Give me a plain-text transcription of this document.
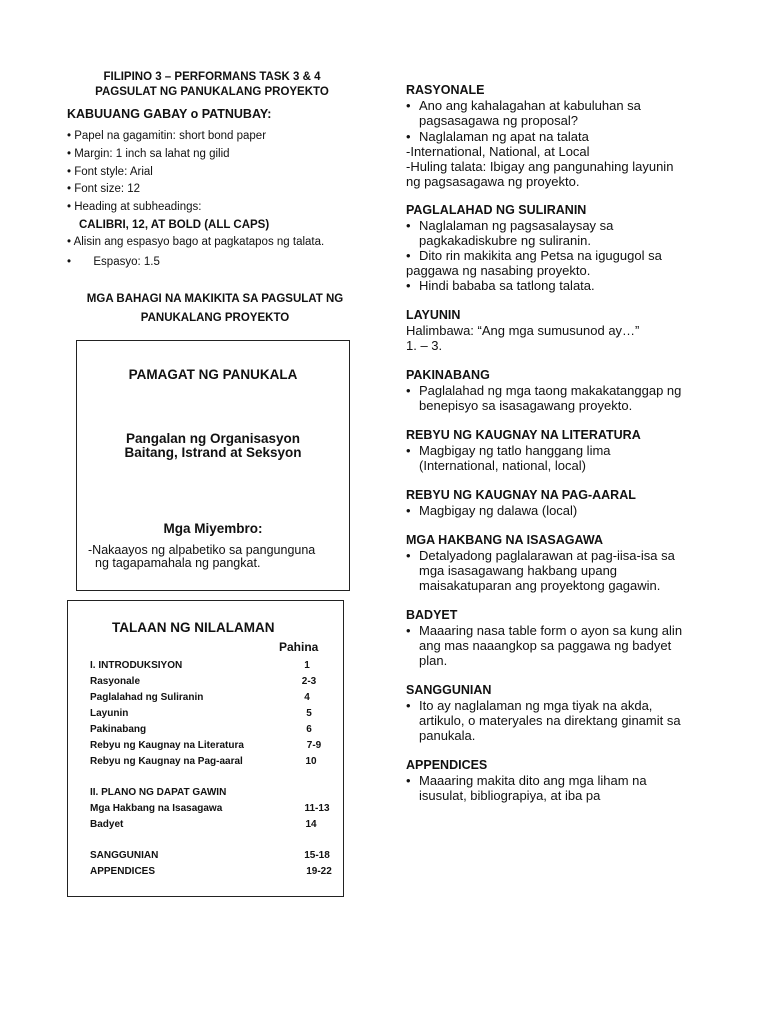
FILIPINO 3 – PERFORMANS TASK 3 & 4
PAGSULAT NG PANUKALANG PROYEKTO
KABUUANG GABAY o PATNUBAY:
• Papel na gagamitin: short bond paper
• Margin: 1 inch sa lahat ng gilid
• Font style: Arial
• Font size: 12
• Heading at subheadings:
CALIBRI, 12, AT BOLD (ALL CAPS)
• Alisin ang espasyo bago at pagkatapos ng talata.
•       Espasyo: 1.5
MGA BAHAGI NA MAKIKITA SA PAGSULAT NG
PANUKALANG PROYEKTO
PAMAGAT NG PANUKALA
Pangalan ng Organisasyon
Baitang, Istrand at Seksyon
Mga Miyembro:
-Nakaayos ng alpabetiko sa pangunguna
ng tagapamahala ng pangkat.
TALAAN NG NILALAMAN
Pahina
I. INTRODUKSIYON	1
Rasyonale	2-3
Paglalahad ng Suliranin	4
Layunin	5
Pakinabang	6
Rebyu ng Kaugnay na Literatura	7-9
Rebyu ng Kaugnay na Pag-aaral	10
II. PLANO NG DAPAT GAWIN
Mga Hakbang na Isasagawa	11-13
Badyet	14
SANGGUNIAN	15-18
APPENDICES	19-22
RASYONALE
• Ano ang kahalagahan at kabuluhan sa
pagsasagawa ng proposal?
• Naglalaman ng apat na talata
-International, National, at Local
-Huling talata: Ibigay ang pangunahing layunin
ng pagsasagawa ng proyekto.
PAGLALAHAD NG SULIRANIN
• Naglalaman ng pagsasalaysay sa
pagkakadiskubre ng suliranin.
• Dito rin makikita ang Petsa na igugugol sa
paggawa ng nasabing proyekto.
• Hindi bababa sa tatlong talata.
LAYUNIN
Halimbawa: “Ang mga sumusunod ay…”
1. – 3.
PAKINABANG
• Paglalahad ng mga taong makakatanggap ng
benepisyo sa isasagawang proyekto.
REBYU NG KAUGNAY NA LITERATURA
• Magbigay ng tatlo hanggang lima
(International, national, local)
REBYU NG KAUGNAY NA PAG-AARAL
• Magbigay ng dalawa (local)
MGA HAKBANG NA ISASAGAWA
• Detalyadong paglalarawan at pag-iisa-isa sa
mga isasagawang hakbang upang
maisakatuparan ang proyektong gagawin.
BADYET
• Maaaring nasa table form o ayon sa kung alin
ang mas naaangkop sa paggawa ng badyet
plan.
SANGGUNIAN
• Ito ay naglalaman ng mga tiyak na akda,
artikulo, o materyales na direktang ginamit sa
panukala.
APPENDICES
• Maaaring makita dito ang mga liham na
isusulat, bibliograpiya, at iba pa
